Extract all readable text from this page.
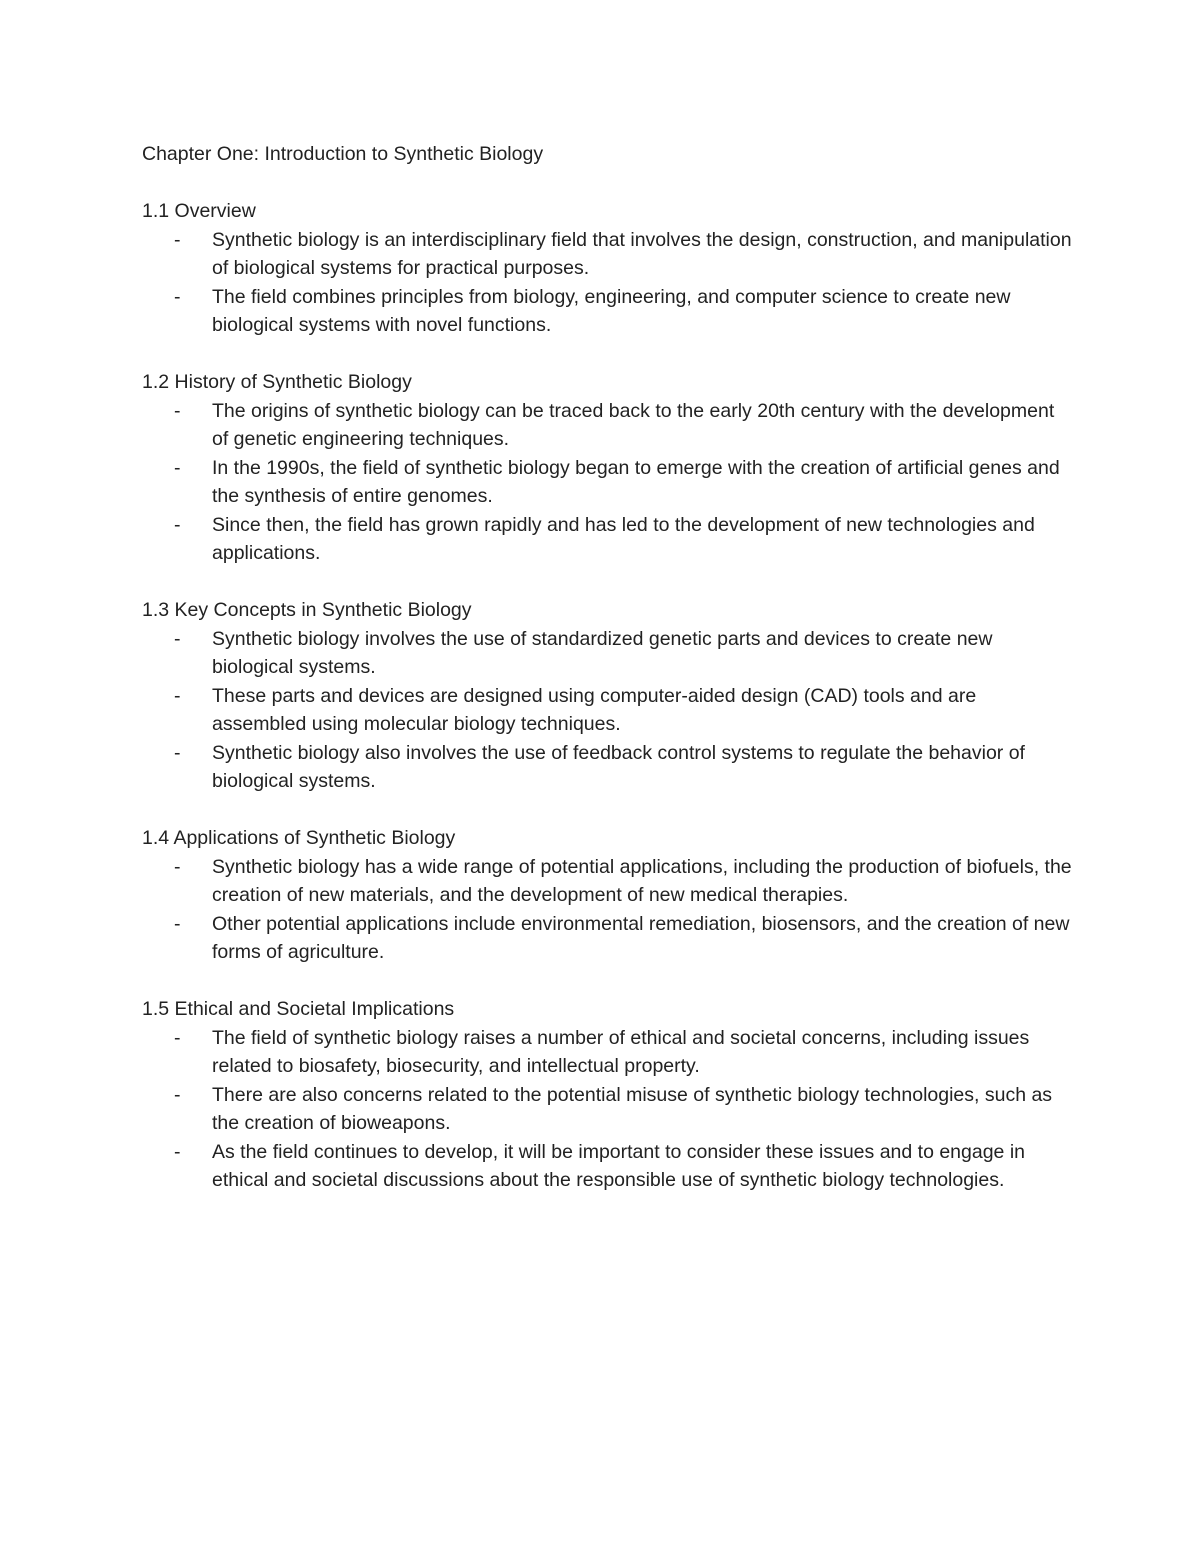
Chapter One: Introduction to Synthetic Biology
1.1 Overview
- Synthetic biology is an interdisciplinary field that involves the design, construction, and manipulation of biological systems for practical purposes.
- The field combines principles from biology, engineering, and computer science to create new biological systems with novel functions.
1.2 History of Synthetic Biology
- The origins of synthetic biology can be traced back to the early 20th century with the development of genetic engineering techniques.
- In the 1990s, the field of synthetic biology began to emerge with the creation of artificial genes and the synthesis of entire genomes.
- Since then, the field has grown rapidly and has led to the development of new technologies and applications.
1.3 Key Concepts in Synthetic Biology
- Synthetic biology involves the use of standardized genetic parts and devices to create new biological systems.
- These parts and devices are designed using computer-aided design (CAD) tools and are assembled using molecular biology techniques.
- Synthetic biology also involves the use of feedback control systems to regulate the behavior of biological systems.
1.4 Applications of Synthetic Biology
- Synthetic biology has a wide range of potential applications, including the production of biofuels, the creation of new materials, and the development of new medical therapies.
- Other potential applications include environmental remediation, biosensors, and the creation of new forms of agriculture.
1.5 Ethical and Societal Implications
- The field of synthetic biology raises a number of ethical and societal concerns, including issues related to biosafety, biosecurity, and intellectual property.
- There are also concerns related to the potential misuse of synthetic biology technologies, such as the creation of bioweapons.
- As the field continues to develop, it will be important to consider these issues and to engage in ethical and societal discussions about the responsible use of synthetic biology technologies.
